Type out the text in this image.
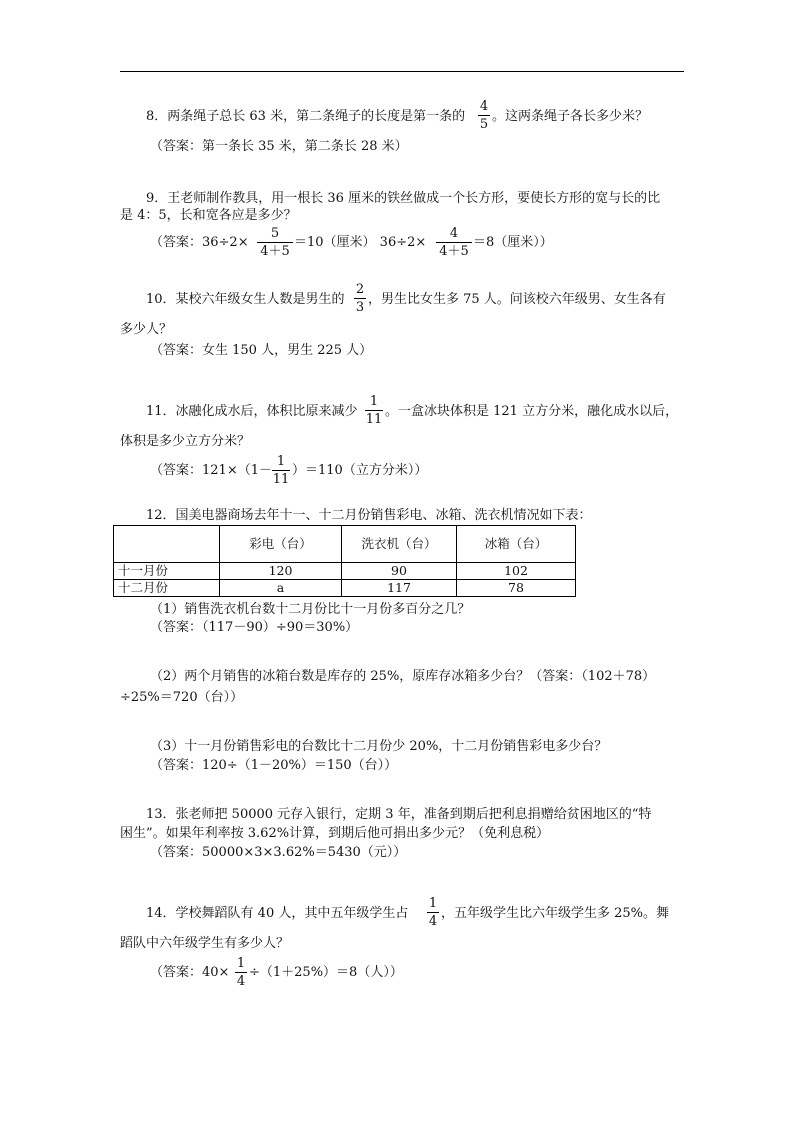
8．两条绳子总长 63 米，第二条绳子的长度是第一条的
4
5
。这两条绳子各长多少米？
（答案：第一条长 35 米，第二条长 28 米）
9．王老师制作教具，用一根长 36 厘米的铁丝做成一个长方形，要使长方形的宽与长的比
是 4：5，长和宽各应是多少？
（答案：36÷2×
5
4＋5
＝10（厘米） 36÷2×
4
4＋5
＝8（厘米））
10．某校六年级女生人数是男生的
2
3
，男生比女生多 75 人。问该校六年级男、女生各有
多少人？
（答案：女生 150 人，男生 225 人）
11．冰融化成水后，体积比原来减少
1
11
。一盒冰块体积是 121 立方分米，融化成水以后，
体积是多少立方分米？
（答案：121×（1－
1
11
）＝110（立方分米））
12．国美电器商场去年十一、十二月份销售彩电、冰箱、洗衣机情况如下表：
	彩电（台）	洗衣机（台）	冰箱（台）
十一月份	120	90	102
十二月份	a	117	78
（1）销售洗衣机台数十二月份比十一月份多百分之几？
（答案：（117－90）÷90＝30%）
（2）两个月销售的冰箱台数是库存的 25%，原库存冰箱多少台？（答案：（102＋78）
÷25%＝720（台））
（3）十一月份销售彩电的台数比十二月份少 20%，十二月份销售彩电多少台？
（答案：120÷（1－20%）＝150（台））
13．张老师把 50000 元存入银行，定期 3 年，准备到期后把利息捐赠给贫困地区的“特
困生”。如果年利率按 3.62%计算，到期后他可捐出多少元？（免利息税）
（答案：50000×3×3.62%＝5430（元））
14．学校舞蹈队有 40 人，其中五年级学生占
1
4
，五年级学生比六年级学生多 25%。舞
蹈队中六年级学生有多少人？
（答案：40×
1
4
÷（1＋25%）＝8（人））
